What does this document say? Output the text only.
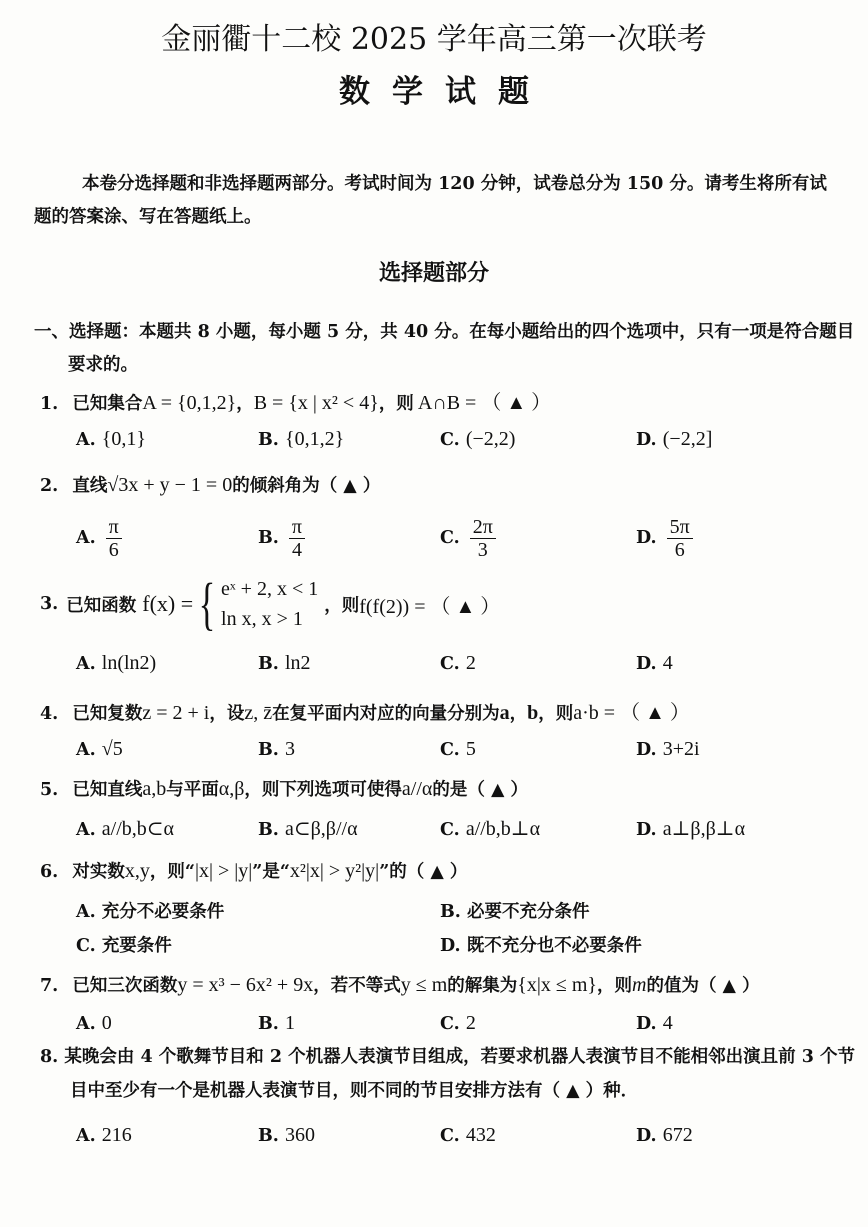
金丽衢十二校 2025 学年高三第一次联考
数学试题
本卷分选择题和非选择题两部分。考试时间为 120 分钟，试卷总分为 150 分。请考生将所有试题的答案涂、写在答题纸上。
选择题部分
一、选择题：本题共 8 小题，每小题 5 分，共 40 分。在每小题给出的四个选项中，只有一项是符合题目要求的。
1. 已知集合A = {0,1,2}，B = {x | x² < 4}，则 A∩B = （ ▲ ）
A. {0,1}	B. {0,1,2}	C. (−2,2)	D. (−2,2]
2. 直线√3x + y − 1 = 0的倾斜角为（ ▲ ）
A. $\frac{\pi}{6}$	B. $\frac{\pi}{4}$	C. $\frac{2\pi}{3}$	D. $\frac{5\pi}{6}$
3. 已知函数 f(x) = { eˣ + 2, x < 1
ln x, x > 1
，则 f(f(2)) = （ ▲ ）
A. ln(ln2)	B. ln2	C. 2	D. 4
4. 已知复数z = 2 + i，设z, z̄在复平面内对应的向量分别为a，b，则a·b = （ ▲ ）
A. √5	B. 3	C. 5	D. 3+2i
5. 已知直线a,b与平面α,β，则下列选项可使得a//α的是（ ▲ ）
A. a//b,b⊂α	B. a⊂β,β//α	C. a//b,b⊥α	D. a⊥β,β⊥α
6. 对实数x,y，则“|x| > |y|”是“x²|x| > y²|y|”的（ ▲ ）
A. 充分不必要条件	B. 必要不充分条件
C. 充要条件	D. 既不充分也不必要条件
7. 已知三次函数y = x³ − 6x² + 9x，若不等式y ≤ m的解集为{x|x ≤ m}，则m的值为（ ▲ ）
A. 0	B. 1	C. 2	D. 4
8. 某晚会由 4 个歌舞节目和 2 个机器人表演节目组成，若要求机器人表演节目不能相邻出演且前 3 个节目中至少有一个是机器人表演节目，则不同的节目安排方法有（ ▲ ）种．
A. 216	B. 360	C. 432	D. 672
